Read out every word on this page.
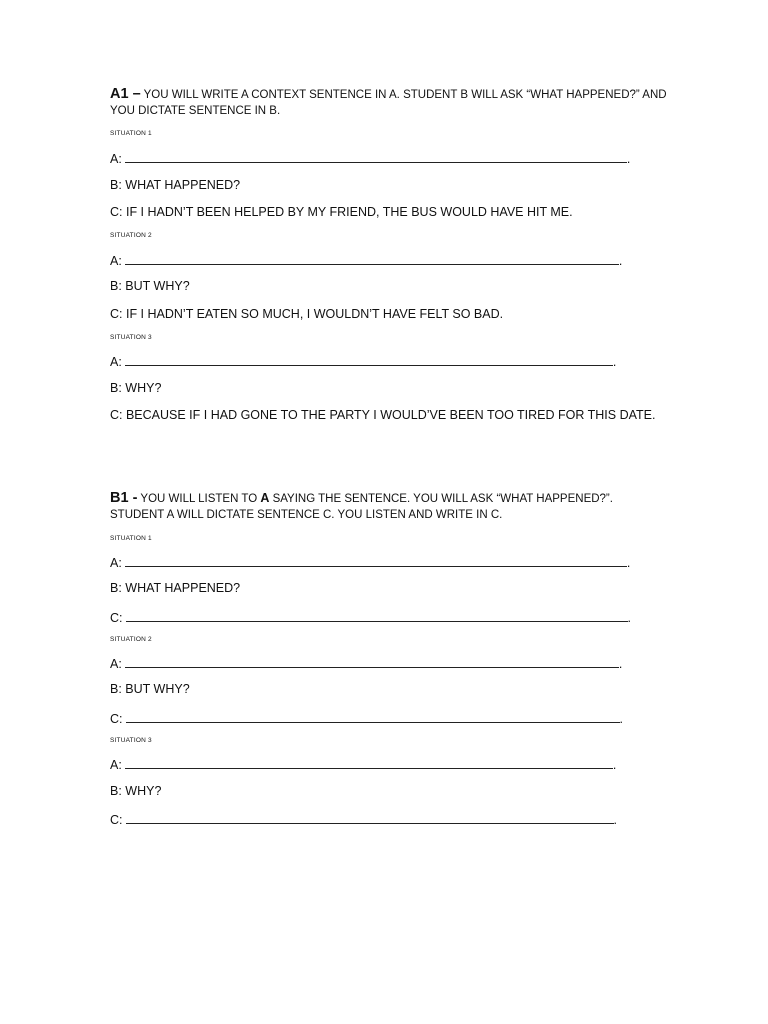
A1 – YOU WILL WRITE A CONTEXT SENTENCE IN A. STUDENT B WILL ASK “WHAT HAPPENED?” AND YOU DICTATE SENTENCE IN B.
SITUATION 1
A:	.
B: WHAT HAPPENED?
C: IF I HADN’T BEEN HELPED BY MY FRIEND, THE BUS WOULD HAVE HIT ME.
SITUATION 2
A:	.
B: BUT WHY?
C: IF I HADN’T EATEN SO MUCH, I WOULDN’T HAVE FELT SO BAD.
SITUATION 3
A:	.
B: WHY?
C: BECAUSE IF I HAD GONE TO THE PARTY I WOULD’VE BEEN TOO TIRED FOR THIS DATE.
B1 - YOU WILL LISTEN TO A SAYING THE SENTENCE. YOU WILL ASK “WHAT HAPPENED?”. STUDENT A WILL DICTATE SENTENCE C. YOU LISTEN AND WRITE IN C.
SITUATION 1
A:	.
B: WHAT HAPPENED?
C:	.
SITUATION 2
A:	.
B: BUT WHY?
C:	.
SITUATION 3
A:	.
B: WHY?
C:	.
